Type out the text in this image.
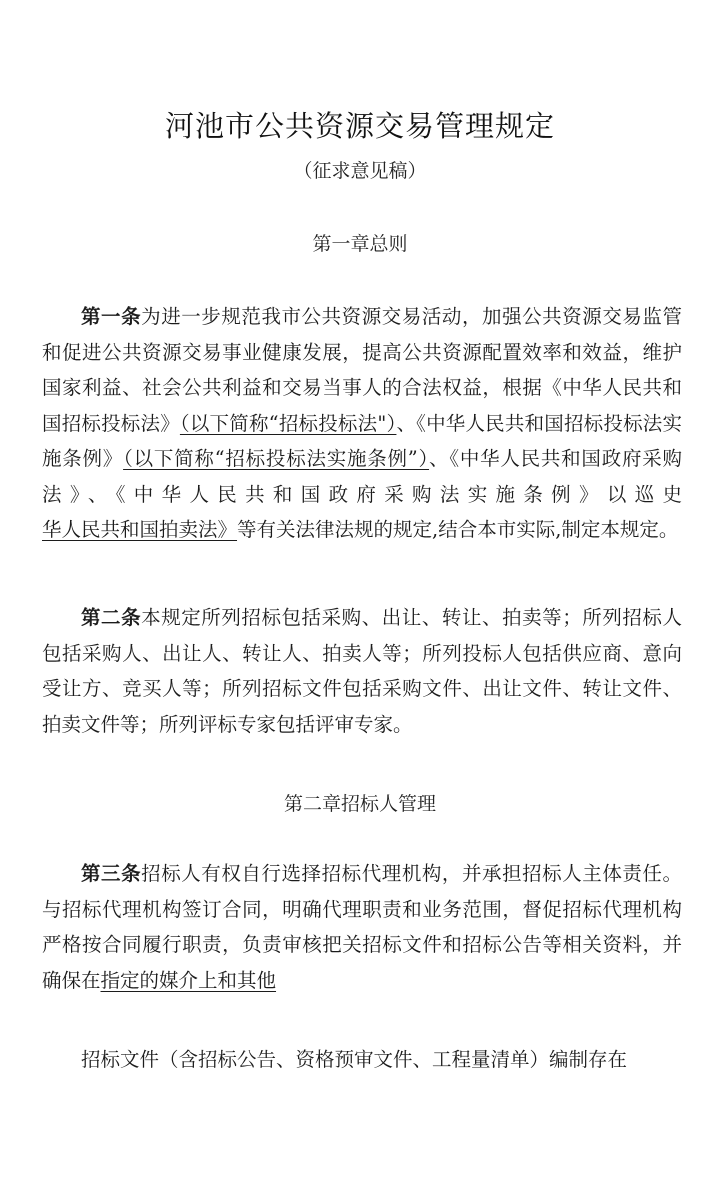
河池市公共资源交易管理规定
（征求意见稿）
第一章总则

第一条为进一步规范我市公共资源交易活动，加强公共资源交易监管和促进公共资源交易事业健康发展，提高公共资源配置效率和效益，维护国家利益、社会公共利益和交易当事人的合法权益，根据《中华人民共和国招标投标法》（以下简称“招标投标法"）、《中华人民共和国招标投标法实施条例》（以下简称“招标投标法实施条例”）、《中华人民共和国政府采购法》、《中华人民共和国政府采购法实施条例》以巡史华人民共和国拍卖法》等有关法律法规的规定,结合本市实际,制定本规定。

第二条本规定所列招标包括采购、出让、转让、拍卖等；所列招标人包括采购人、出让人、转让人、拍卖人等；所列投标人包括供应商、意向受让方、竞买人等；所列招标文件包括采购文件、出让文件、转让文件、拍卖文件等；所列评标专家包括评审专家。

第二章招标人管理

第三条招标人有权自行选择招标代理机构，并承担招标人主体责任。与招标代理机构签订合同，明确代理职责和业务范围，督促招标代理机构严格按合同履行职责，负责审核把关招标文件和招标公告等相关资料，并确保在指定的媒介上和其他

招标文件（含招标公告、资格预审文件、工程量清单）编制存在
